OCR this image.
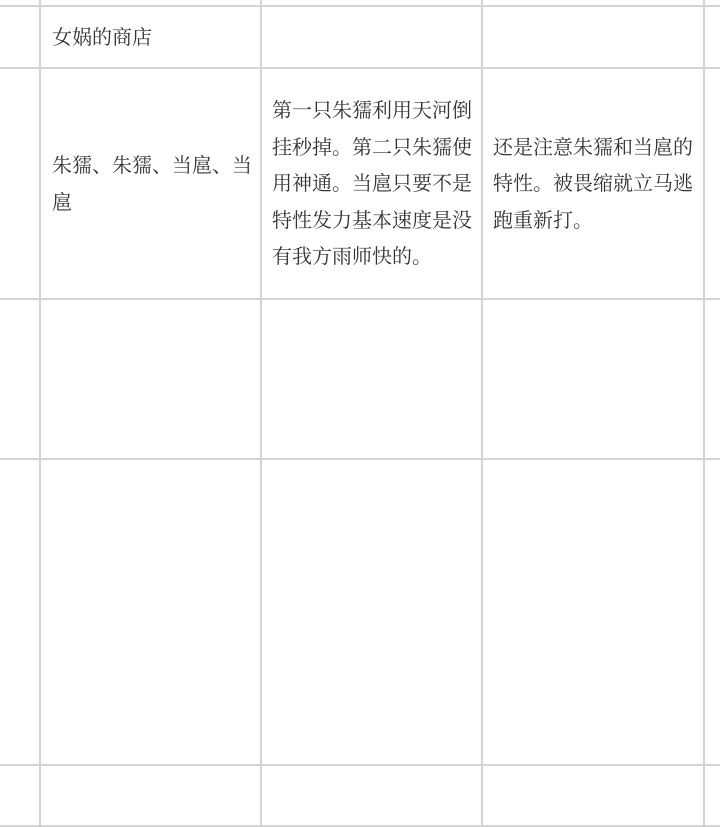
女娲的商店
朱獳、朱獳、当扈、当扈
第一只朱獳利用天河倒挂秒掉。第二只朱獳使用神通。当扈只要不是特性发力基本速度是没有我方雨师快的。
还是注意朱獳和当扈的特性。被畏缩就立马逃跑重新打。
